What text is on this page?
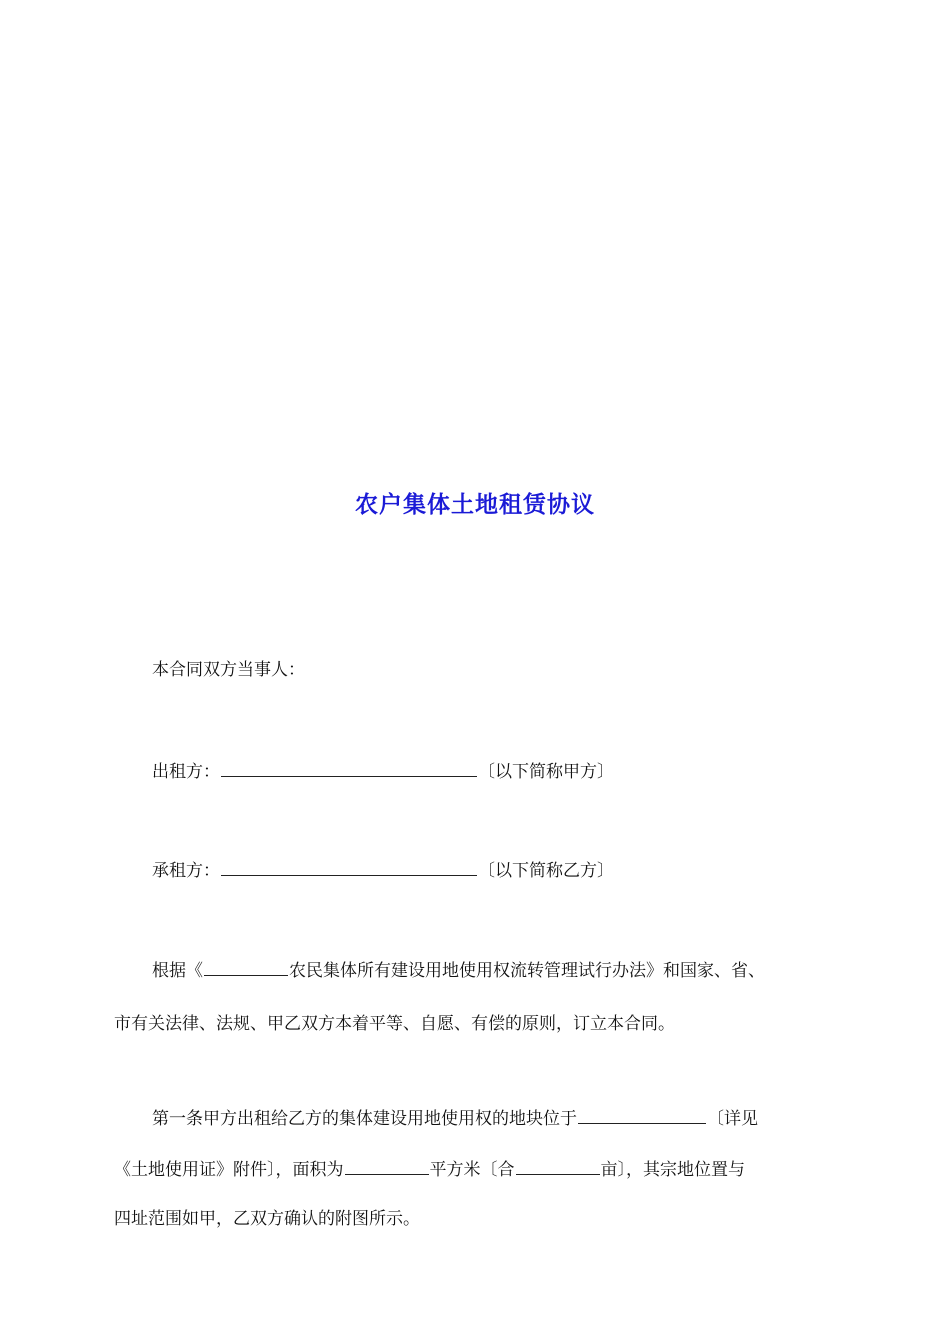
农户集体土地租赁协议
本合同双方当事人：
出租方：	〔以下简称甲方〕
承租方：	〔以下简称乙方〕
根据《	农民集体所有建设用地使用权流转管理试行办法》和国家、省、
市有关法律、法规、甲乙双方本着平等、自愿、有偿的原则，订立本合同。
第一条甲方出租给乙方的集体建设用地使用权的地块位于	〔详见
《土地使用证》附件〕，面积为	平方米〔合	亩〕，其宗地位置与
四址范围如甲，乙双方确认的附图所示。
